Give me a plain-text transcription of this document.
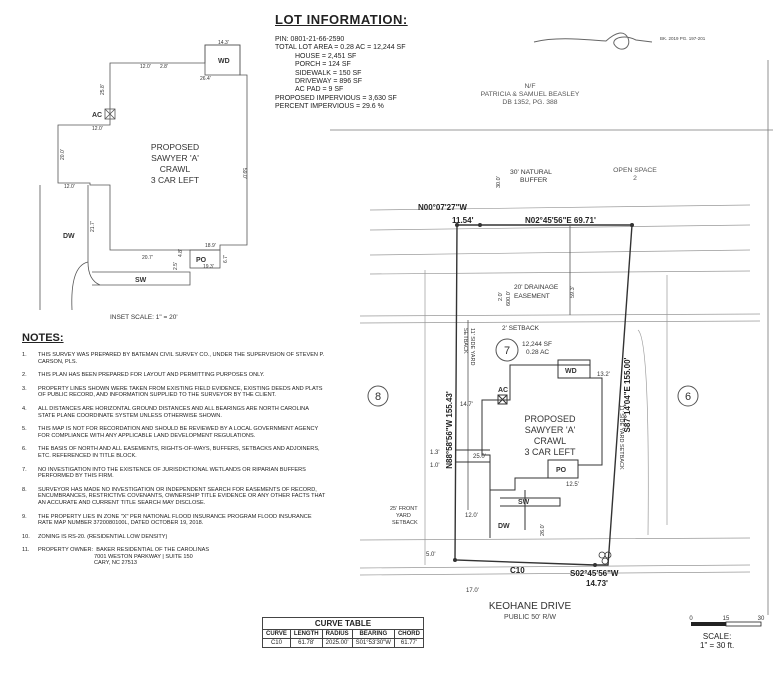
LOT INFORMATION:
PIN: 0801-21-66-2590
TOTAL LOT AREA = 0.28 AC = 12,244 SF
HOUSE = 2,451 SF
PORCH = 124 SF
SIDEWALK = 150 SF
DRIVEWAY = 896 SF
AC PAD = 9 SF
PROPOSED IMPERVIOUS = 3,630 SF
PERCENT IMPERVIOUS = 29.6 %
BK. 2019 PG. 197-201
WD
AC
PO
SW
DW
PROPOSED
SAWYER 'A'
CRAWL
3 CAR LEFT
14.3'
12.0' 2.8'
26.4'
25.8'
12.0'
20.0'
12.0'
59.0'
21.7'
20.7'
18.9'
19.3'
4.8'
2.5'
6.7'
INSET SCALE: 1" = 20'
NOTES:
1.	THIS SURVEY WAS PREPARED BY BATEMAN CIVIL SURVEY CO., UNDER THE SUPERVISION OF STEVEN P. CARSON, PLS.
2.	THIS PLAN HAS BEEN PREPARED FOR LAYOUT AND PERMITTING PURPOSES ONLY.
3.	PROPERTY LINES SHOWN WERE TAKEN FROM EXISTING FIELD EVIDENCE, EXISTING DEEDS AND PLATS OF PUBLIC RECORD, AND INFORMATION SUPPLIED TO THE SURVEYOR BY THE CLIENT.
4.	ALL DISTANCES ARE HORIZONTAL GROUND DISTANCES AND ALL BEARINGS ARE NORTH CAROLINA STATE PLANE COORDINATE SYSTEM UNLESS OTHERWISE SHOWN.
5.	THIS MAP IS NOT FOR RECORDATION AND SHOULD BE REVIEWED BY A LOCAL GOVERNMENT AGENCY FOR COMPLIANCE WITH ANY APPLICABLE LAND DEVELOPMENT REGULATIONS.
6.	THE BASIS OF NORTH AND ALL EASEMENTS, RIGHTS-OF-WAYS, BUFFERS, SETBACKS AND ADJOINERS, ETC. REFERENCED IN TITLE BLOCK.
7.	NO INVESTIGATION INTO THE EXISTENCE OF JURISDICTIONAL WETLANDS OR RIPARIAN BUFFERS PERFORMED BY THIS FIRM.
8.	SURVEYOR HAS MADE NO INVESTIGATION OR INDEPENDENT SEARCH FOR EASEMENTS OF RECORD, ENCUMBRANCES, RESTRICTIVE COVENANTS, OWNERSHIP TITLE EVIDENCE OR ANY OTHER FACTS THAT AN ACCURATE AND CURRENT TITLE SEARCH MAY DISCLOSE.
9.	THE PROPERTY LIES IN ZONE "X" PER NATIONAL FLOOD INSURANCE PROGRAM FLOOD INSURANCE RATE MAP NUMBER 3720080100L, DATED OCTOBER 19, 2018.
10.	ZONING IS RS-20. (RESIDENTIAL LOW DENSITY)
11.	PROPERTY OWNER: BAKER RESIDENTIAL OF THE CAROLINAS
7001 WESTON PARKWAY | SUITE 150
CARY, NC 27513
N/F
PATRICIA & SAMUEL BEASLEY
DB 1352, PG. 388
OPEN SPACE
2
30' NATURAL
BUFFER
30.0'
N00°07'27"W
11.54'	N02°45'56"E 69.71'
20' DRAINAGE
EASEMENT
2.0' 600.0'	59.3'
2' SETBACK
12,244 SF
0.28 AC
11' SIDE YARD
SETBACK
11' SIDE YARD SETBACK
13.2'
14.7'
1.3'
25.0'
1.0'
25' FRONT
YARD
SETBACK
12.5'
12.0'
26.0'
5.0'
17.0'
WD
AC
PO
SW
DW
7
8	6
PROPOSED
SAWYER 'A'
CRAWL
3 CAR LEFT
N88°58'56"W 155.43'	S87°14'04"E 155.00'
C10	S02°45'56"W
14.73'
KEOHANE DRIVE
PUBLIC 50' R/W
CURVE TABLE				
CURVE	LENGTH	RADIUS	BEARING	CHORD
C10	61.78'	2025.00'	S01°53'30"W	61.77'
0	15	30
SCALE:
1" = 30 ft.
